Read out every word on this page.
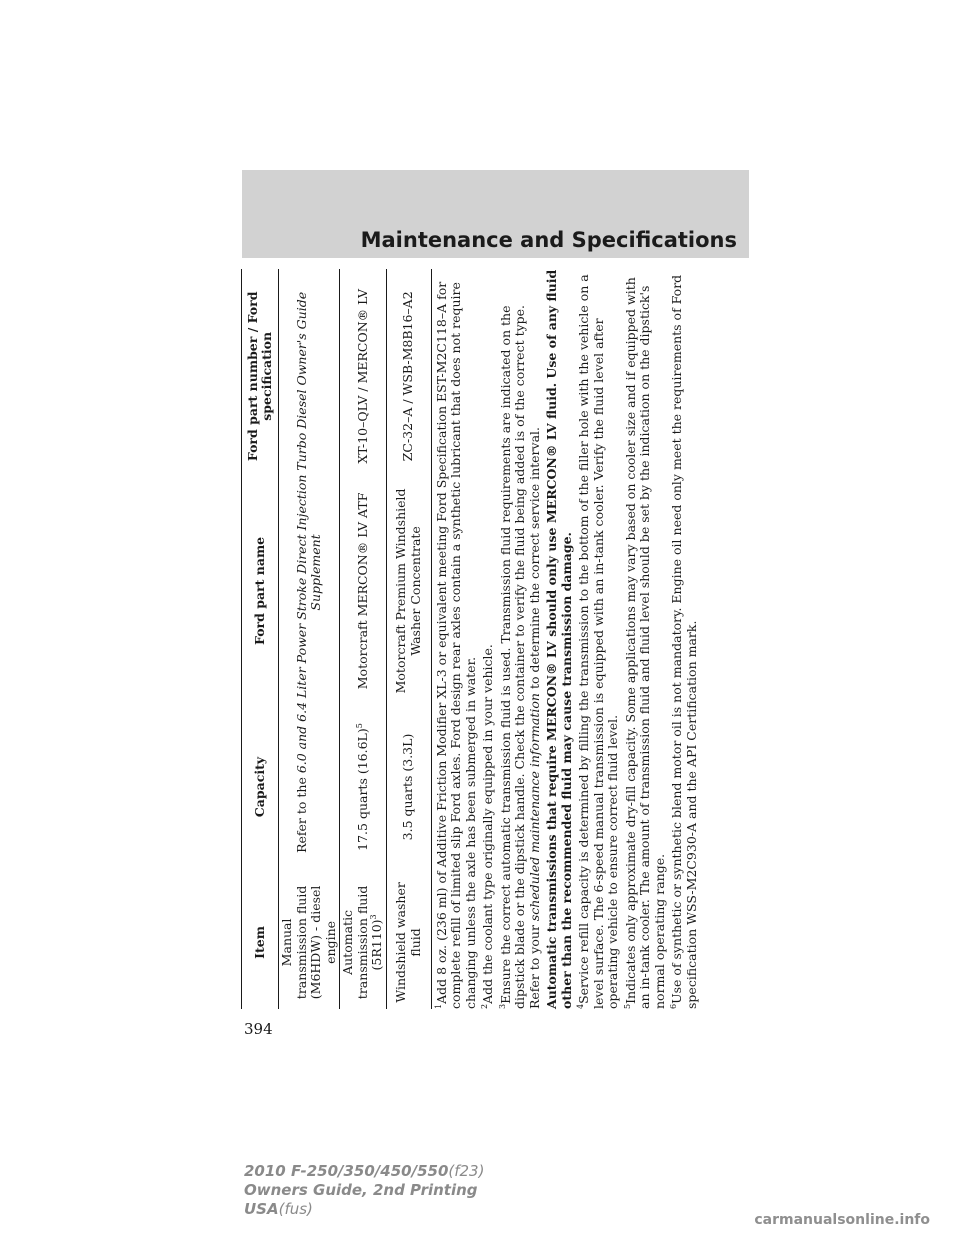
Maintenance and Specifications
Item	Capacity	Ford part name	Ford part number / Ford specification
Manual transmission fluid (M6HDW) - diesel engine	Refer to the 6.0 and 6.4 Liter Power Stroke Direct Injection Turbo Diesel Owner's Guide Supplement		
Automatic transmission fluid $(5R110)^3$	17.5 quarts $(16.6L)^5$	Motorcraft MERCON® LV ATF	XT-10–QLV / MERCON® LV
Windshield washer fluid	3.5 quarts (3.3L)	Motorcraft Premium Windshield Washer Concentrate	ZC-32–A / WSB-M8B16–A2

$^1$Add 8 oz. (236 ml) of Additive Friction Modifier XL-3 or equivalent meeting Ford Specification EST-M2C118–A for complete refill of limited slip Ford axles. Ford design rear axles contain a synthetic lubricant that does not require changing unless the axle has been submerged in water. $^2$Add the coolant type originally equipped in your vehicle.

$^3$Ensure the correct automatic transmission fluid is used. Transmission fluid requirements are indicated on the dipstick blade or the dipstick handle. Check the container to verify the fluid being added is of the correct type. Refer to your scheduled maintenance information to determine the correct service interval. Automatic transmissions that require MERCON® LV should only use MERCON® LV fluid. Use of any fluid other than the recommended fluid may cause transmission damage. $^4$Service refill capacity is determined by filling the transmission to the bottom of the filler hole with the vehicle on a level surface. The 6-speed manual transmission is equipped with an in-tank cooler. Verify the fluid level after operating vehicle to ensure correct fluid level. $^5$Indicates only approximate dry-fill capacity. Some applications may vary based on cooler size and if equipped with an in-tank cooler. The amount of transmission fluid and fluid level should be set by the indication on the dipstick's normal operating range. $^6$Use of synthetic or synthetic blend motor oil is not mandatory. Engine oil need only meet the requirements of Ford specification WSS-M2C930-A and the API Certification mark.

394
2010 F-250/350/450/550(f23)
Owners Guide, 2nd Printing
USA(fus)
carmanualsonline.info
